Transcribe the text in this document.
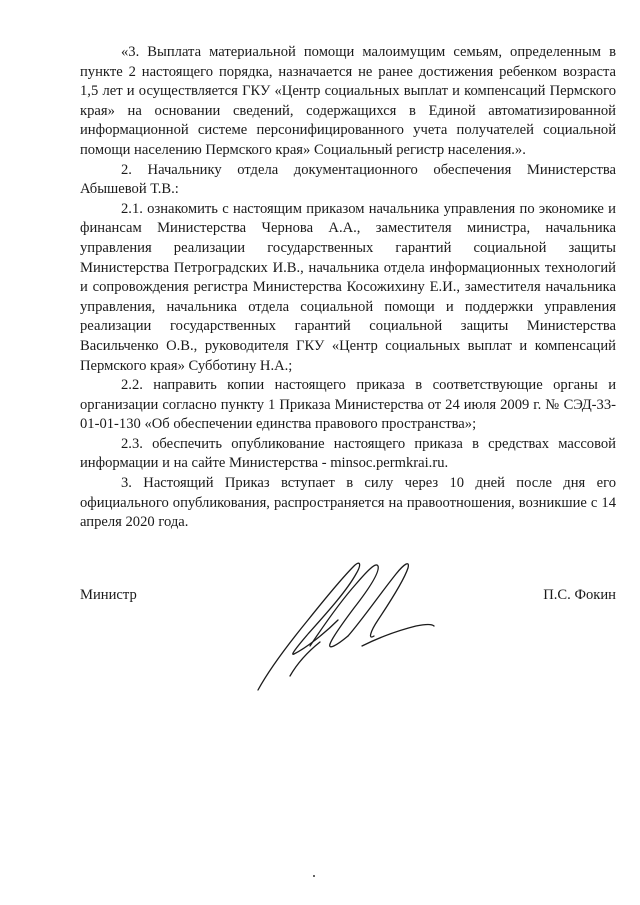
«3. Выплата материальной помощи малоимущим семьям, определенным в пункте 2 настоящего порядка, назначается не ранее достижения ребенком возраста 1,5 лет и осуществляется ГКУ «Центр социальных выплат и компенсаций Пермского края» на основании сведений, содержащихся в Единой автоматизированной информационной системе персонифицированного учета получателей социальной помощи населению Пермского края» Социальный регистр населения.».

2. Начальнику отдела документационного обеспечения Министерства Абышевой Т.В.:

2.1. ознакомить с настоящим приказом начальника управления по экономике и финансам Министерства Чернова А.А., заместителя министра, начальника управления реализации государственных гарантий социальной защиты Министерства Петроградских И.В., начальника отдела информационных технологий и сопровождения регистра Министерства Косожихину Е.И., заместителя начальника управления, начальника отдела социальной помощи и поддержки управления реализации государственных гарантий социальной защиты Министерства Васильченко О.В., руководителя ГКУ «Центр социальных выплат и компенсаций Пермского края» Субботину Н.А.;

2.2. направить копии настоящего приказа в соответствующие органы и организации согласно пункту 1 Приказа Министерства от 24 июля 2009 г. № СЭД-33-01-01-130 «Об обеспечении единства правового пространства»;

2.3. обеспечить опубликование настоящего приказа в средствах массовой информации и на сайте Министерства - minsoc.permkrai.ru.

3. Настоящий Приказ вступает в силу через 10 дней после дня его официального опубликования, распространяется на правоотношения, возникшие с 14 апреля 2020 года.

Министр	П.С. Фокин
